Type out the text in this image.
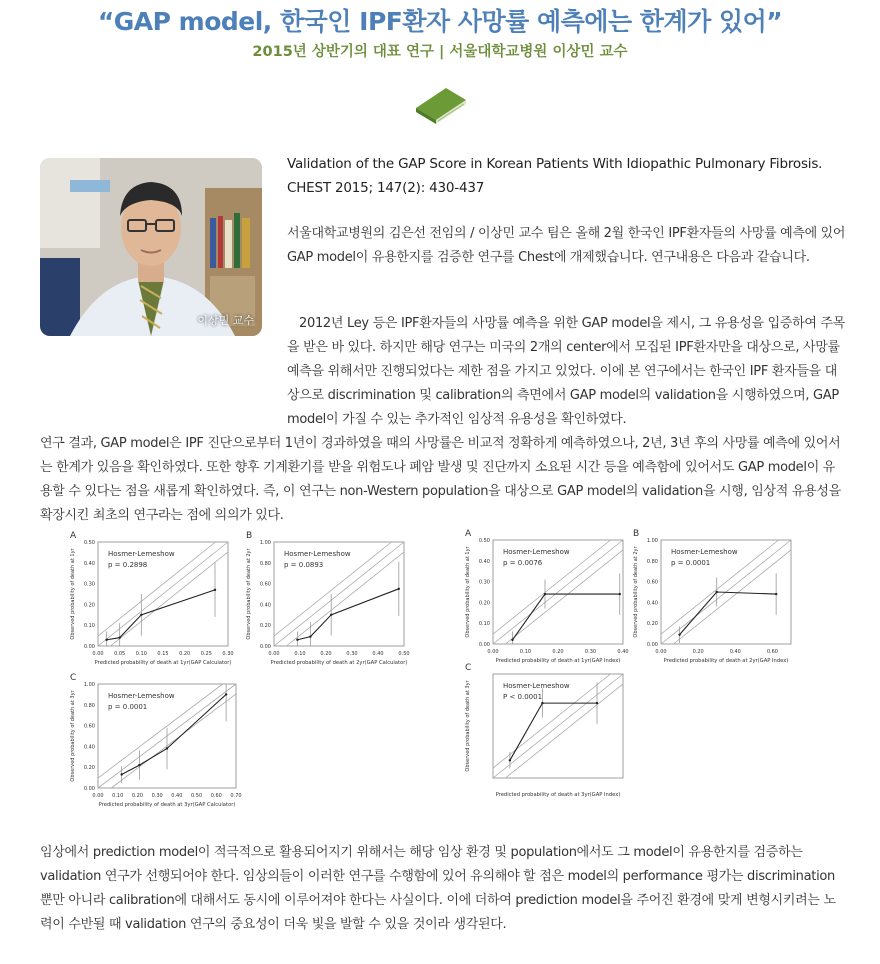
“GAP model, 한국인 IPF환자 사망률 예측에는 한계가 있어”
2015년 상반기의 대표 연구 | 서울대학교병원 이상민 교수
이상민 교수
Validation of the GAP Score in Korean Patients With Idiopathic Pulmonary Fibrosis.
CHEST 2015; 147(2): 430-437
서울대학교병원의 김은선 전임의 / 이상민 교수 팀은 올해 2월 한국인 IPF환자들의 사망률 예측에 있어 GAP model이 유용한지를 검증한 연구를 Chest에 개제했습니다. 연구내용은 다음과 같습니다.

2012년 Ley 등은 IPF환자들의 사망률 예측을 위한 GAP model을 제시, 그 유용성을 입증하여 주목을 받은 바 있다. 하지만 해당 연구는 미국의 2개의 center에서 모집된 IPF환자만을 대상으로, 사망률 예측을 위해서만 진행되었다는 제한 점을 가지고 있었다. 이에 본 연구에서는 한국인 IPF 환자들을 대상으로 discrimination 및 calibration의 측면에서 GAP model의 validation을 시행하였으며, GAP model이 가질 수 있는 추가적인 임상적 유용성을 확인하였다.

연구 결과, GAP model은 IPF 진단으로부터 1년이 경과하였을 때의 사망률은 비교적 정확하게 예측하였으나, 2년, 3년 후의 사망률 예측에 있어서는 한계가 있음을 확인하였다. 또한 향후 기계환기를 받을 위험도나 폐암 발생 및 진단까지 소요된 시간 등을 예측함에 있어서도 GAP model이 유용할 수 있다는 점을 새롭게 확인하였다. 즉, 이 연구는 non-Western population을 대상으로 GAP model의 validation을 시행, 임상적 유용성을 확장시킨 최초의 연구라는 점에 의의가 있다.

A
0.00 0.05 0.10 0.15 0.20 0.25 0.30
0.00
0.10
0.20
0.30
0.40
0.50
Predicted probability of death at 1yr(GAP Calculator)
Observed probability of death at 1yr	Hosmer-Lemeshow
p = 0.2898
B
0.00	0.10	0.20	0.30	0.40	0.50
0.00
0.20
0.40
0.60
0.80
1.00
Predicted probability of death at 2yr(GAP Calculator)
Observed probability of death at 2yr	Hosmer-Lemeshow
p = 0.0893
C
0.00 0.10 0.20 0.30 0.40 0.50 0.60 0.70
0.00
0.20
0.40
0.60
0.80
1.00
Predicted probability of death at 3yr(GAP Calculator)
Observed probability of death at 3yr	Hosmer-Lemeshow
p = 0.0001
A
0.00	0.10	0.20	0.30	0.40
0.00
0.10
0.20
0.30
0.40
0.50
Predicted probability of death at 1yr(GAP Index)
Observed probability of death at 1yr	Hosmer-Lemeshow
p = 0.0076
B
0.00	0.20	0.40	0.60
0.00
0.20
0.40
0.60
0.80
1.00
Predicted probability of death at 2yr(GAP Index)
Observed probability of death at 2yr	Hosmer-Lemeshow
p = 0.0001
C
Predicted probability of death at 3yr(GAP Index)
Observed probability of death at 3yr	Hosmer-Lemeshow
P < 0.0001
임상에서 prediction model이 적극적으로 활용되어지기 위해서는 해당 임상 환경 및 population에서도 그 model이 유용한지를 검증하는 validation 연구가 선행되어야 한다. 임상의들이 이러한 연구를 수행함에 있어 유의해야 할 점은 model의 performance 평가는 discrimination 뿐만 아니라 calibration에 대해서도 동시에 이루어져야 한다는 사실이다. 이에 더하여 prediction model을 주어진 환경에 맞게 변형시키려는 노력이 수반될 때 validation 연구의 중요성이 더욱 빛을 발할 수 있을 것이라 생각된다.
